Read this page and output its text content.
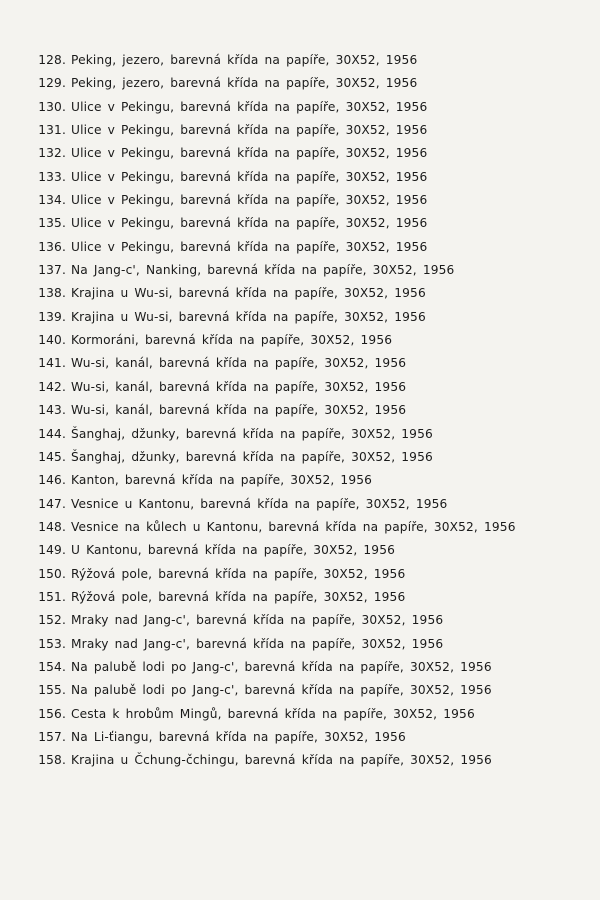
128. Peking, jezero, barevná křída na papíře, 30X52, 1956
129. Peking, jezero, barevná křída na papíře, 30X52, 1956
130. Ulice v Pekingu, barevná křída na papíře, 30X52, 1956
131. Ulice v Pekingu, barevná křída na papíře, 30X52, 1956
132. Ulice v Pekingu, barevná křída na papíře, 30X52, 1956
133. Ulice v Pekingu, barevná křída na papíře, 30X52, 1956
134. Ulice v Pekingu, barevná křída na papíře, 30X52, 1956
135. Ulice v Pekingu, barevná křída na papíře, 30X52, 1956
136. Ulice v Pekingu, barevná křída na papíře, 30X52, 1956
137. Na Jang-c', Nanking, barevná křída na papíře, 30X52, 1956
138. Krajina u Wu-si, barevná křída na papíře, 30X52, 1956
139. Krajina u Wu-si, barevná křída na papíře, 30X52, 1956
140. Kormoráni, barevná křída na papíře, 30X52, 1956
141. Wu-si, kanál, barevná křída na papíře, 30X52, 1956
142. Wu-si, kanál, barevná křída na papíře, 30X52, 1956
143. Wu-si, kanál, barevná křída na papíře, 30X52, 1956
144. Šanghaj, džunky, barevná křída na papíře, 30X52, 1956
145. Šanghaj, džunky, barevná křída na papíře, 30X52, 1956
146. Kanton, barevná křída na papíře, 30X52, 1956
147. Vesnice u Kantonu, barevná křída na papíře, 30X52, 1956
148. Vesnice na kůlech u Kantonu, barevná křída na papíře, 30X52, 1956
149. U Kantonu, barevná křída na papíře, 30X52, 1956
150. Rýžová pole, barevná křída na papíře, 30X52, 1956
151. Rýžová pole, barevná křída na papíře, 30X52, 1956
152. Mraky nad Jang-c', barevná křída na papíře, 30X52, 1956
153. Mraky nad Jang-c', barevná křída na papíře, 30X52, 1956
154. Na palubě lodi po Jang-c', barevná křída na papíře, 30X52, 1956
155. Na palubě lodi po Jang-c', barevná křída na papíře, 30X52, 1956
156. Cesta k hrobům Mingů, barevná křída na papíře, 30X52, 1956
157. Na Li-ťiangu, barevná křída na papíře, 30X52, 1956
158. Krajina u Čchung-čchingu, barevná křída na papíře, 30X52, 1956
